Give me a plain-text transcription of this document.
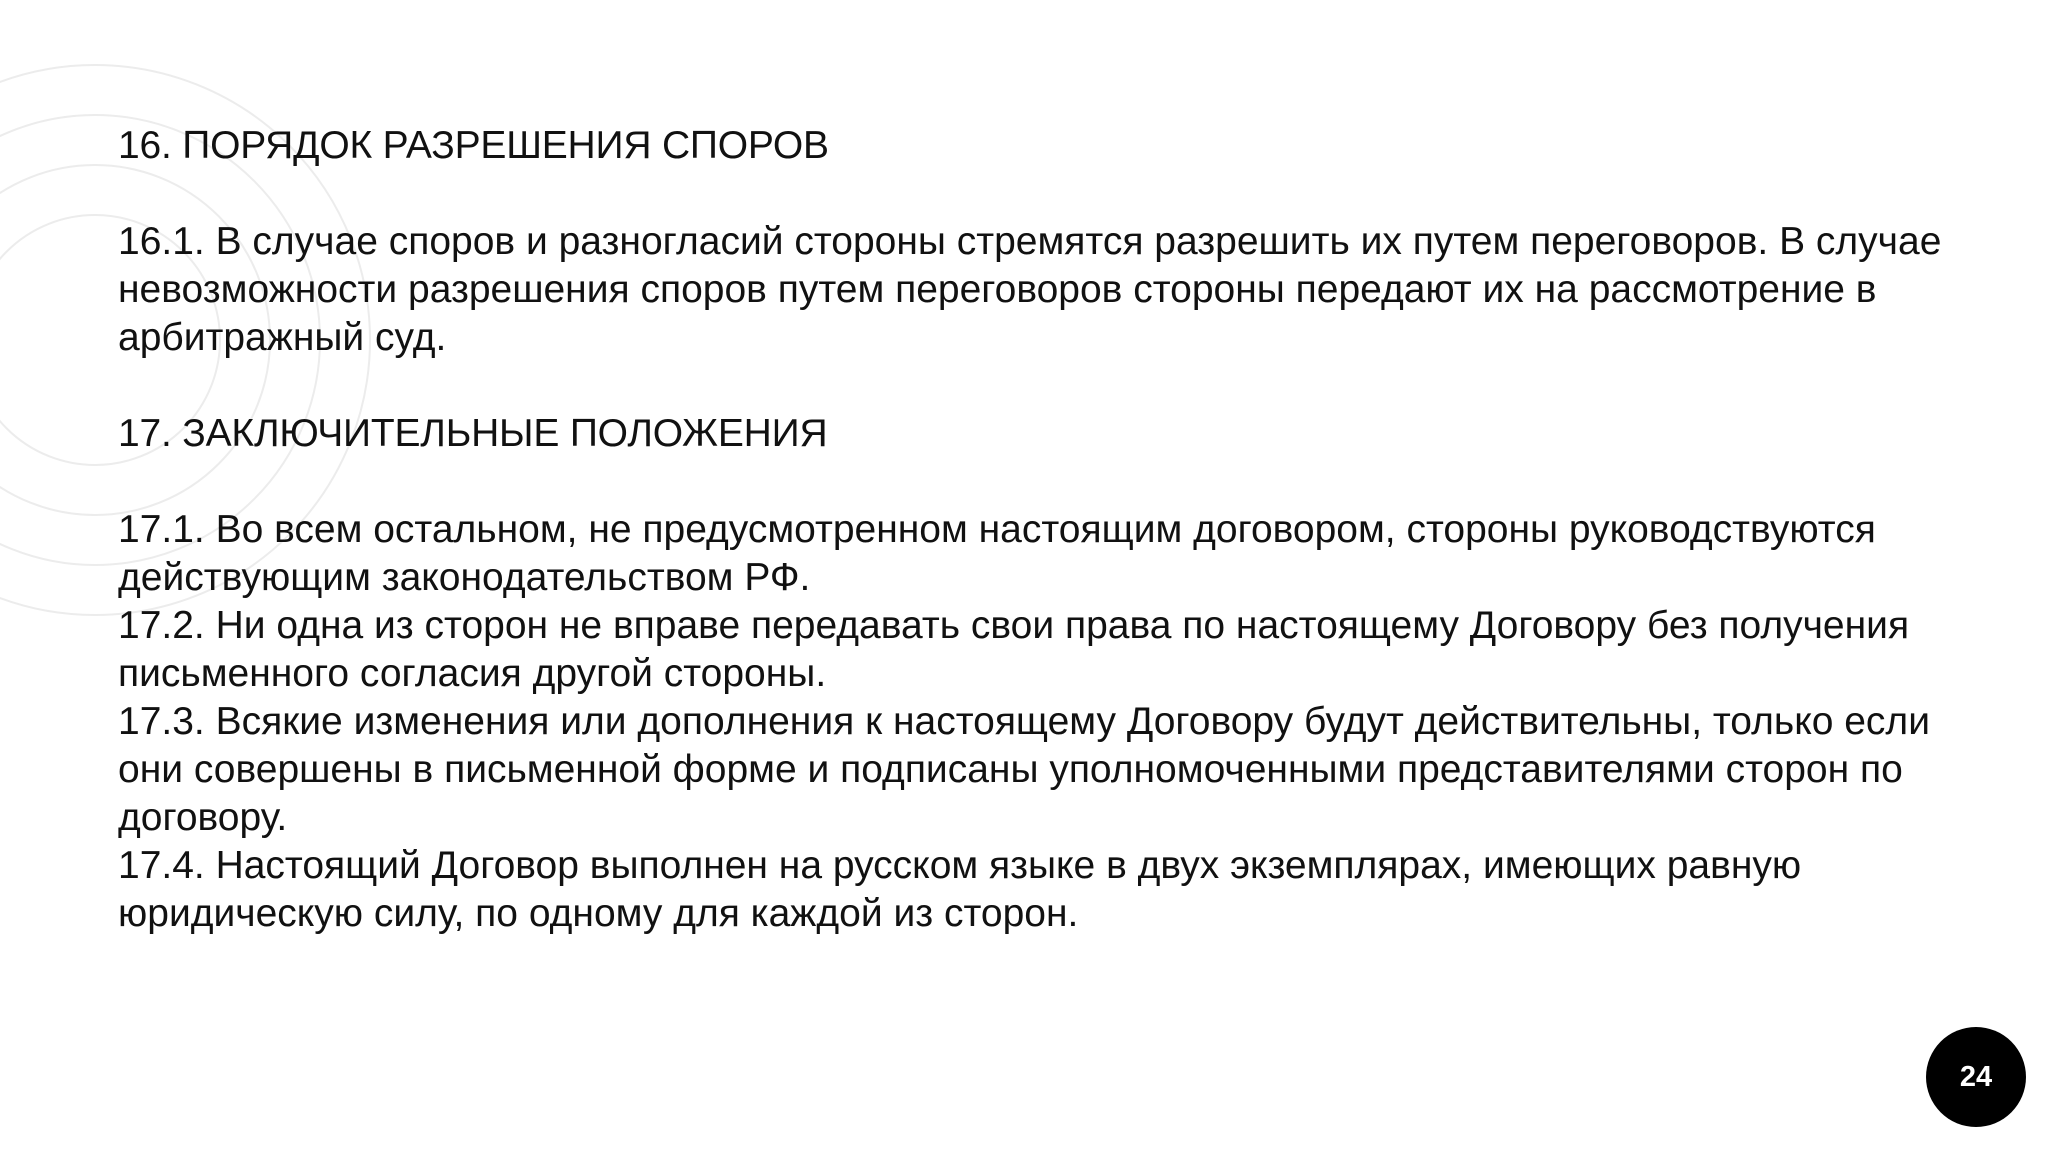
16. ПОРЯДОК РАЗРЕШЕНИЯ СПОРОВ

16.1. В случае споров и разногласий стороны стремятся разрешить их путем переговоров. В случае невозможности разрешения споров путем переговоров стороны передают их на рассмотрение в арбитражный суд.

17. ЗАКЛЮЧИТЕЛЬНЫЕ ПОЛОЖЕНИЯ

17.1. Во всем остальном, не предусмотренном настоящим договором, стороны руководствуются действующим законодательством РФ.

17.2. Ни одна из сторон не вправе передавать свои права по настоящему Договору без получения письменного согласия другой стороны.

17.3. Всякие изменения или дополнения к настоящему Договору будут действительны, только если они совершены в письменной форме и подписаны уполномоченными представителями сторон по договору.

17.4. Настоящий Договор выполнен на русском языке в двух экземплярах, имеющих равную юридическую силу, по одному для каждой из сторон.

24
